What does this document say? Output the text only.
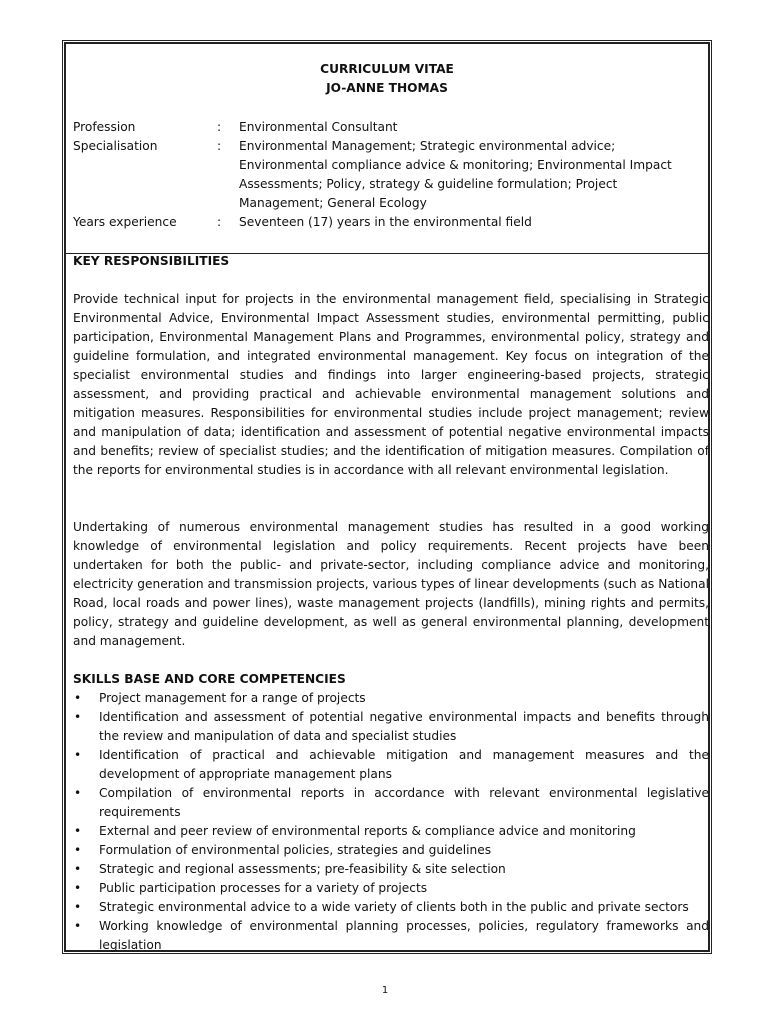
CURRICULUM VITAE
JO-ANNE THOMAS
Profession	:	Environmental Consultant
Specialisation	:	Environmental Management; Strategic environmental advice; Environmental compliance advice & monitoring; Environmental Impact Assessments; Policy, strategy & guideline formulation; Project Management; General Ecology
Years experience	:	Seventeen (17) years in the environmental field
KEY RESPONSIBILITIES
Provide technical input for projects in the environmental management field, specialising in Strategic Environmental Advice, Environmental Impact Assessment studies, environmental permitting, public participation, Environmental Management Plans and Programmes, environmental policy, strategy and guideline formulation, and integrated environmental management. Key focus on integration of the specialist environmental studies and findings into larger engineering-based projects, strategic assessment, and providing practical and achievable environmental management solutions and mitigation measures. Responsibilities for environmental studies include project management; review and manipulation of data; identification and assessment of potential negative environmental impacts and benefits; review of specialist studies; and the identification of mitigation measures. Compilation of the reports for environmental studies is in accordance with all relevant environmental legislation.
Undertaking of numerous environmental management studies has resulted in a good working knowledge of environmental legislation and policy requirements. Recent projects have been undertaken for both the public- and private-sector, including compliance advice and monitoring, electricity generation and transmission projects, various types of linear developments (such as National Road, local roads and power lines), waste management projects (landfills), mining rights and permits, policy, strategy and guideline development, as well as general environmental planning, development and management.
SKILLS BASE AND CORE COMPETENCIES
• Project management for a range of projects
• Identification and assessment of potential negative environmental impacts and benefits through the review and manipulation of data and specialist studies
• Identification of practical and achievable mitigation and management measures and the development of appropriate management plans
• Compilation of environmental reports in accordance with relevant environmental legislative requirements
• External and peer review of environmental reports & compliance advice and monitoring
• Formulation of environmental policies, strategies and guidelines
• Strategic and regional assessments; pre-feasibility & site selection
• Public participation processes for a variety of projects
• Strategic environmental advice to a wide variety of clients both in the public and private sectors
• Working knowledge of environmental planning processes, policies, regulatory frameworks and legislation
1
